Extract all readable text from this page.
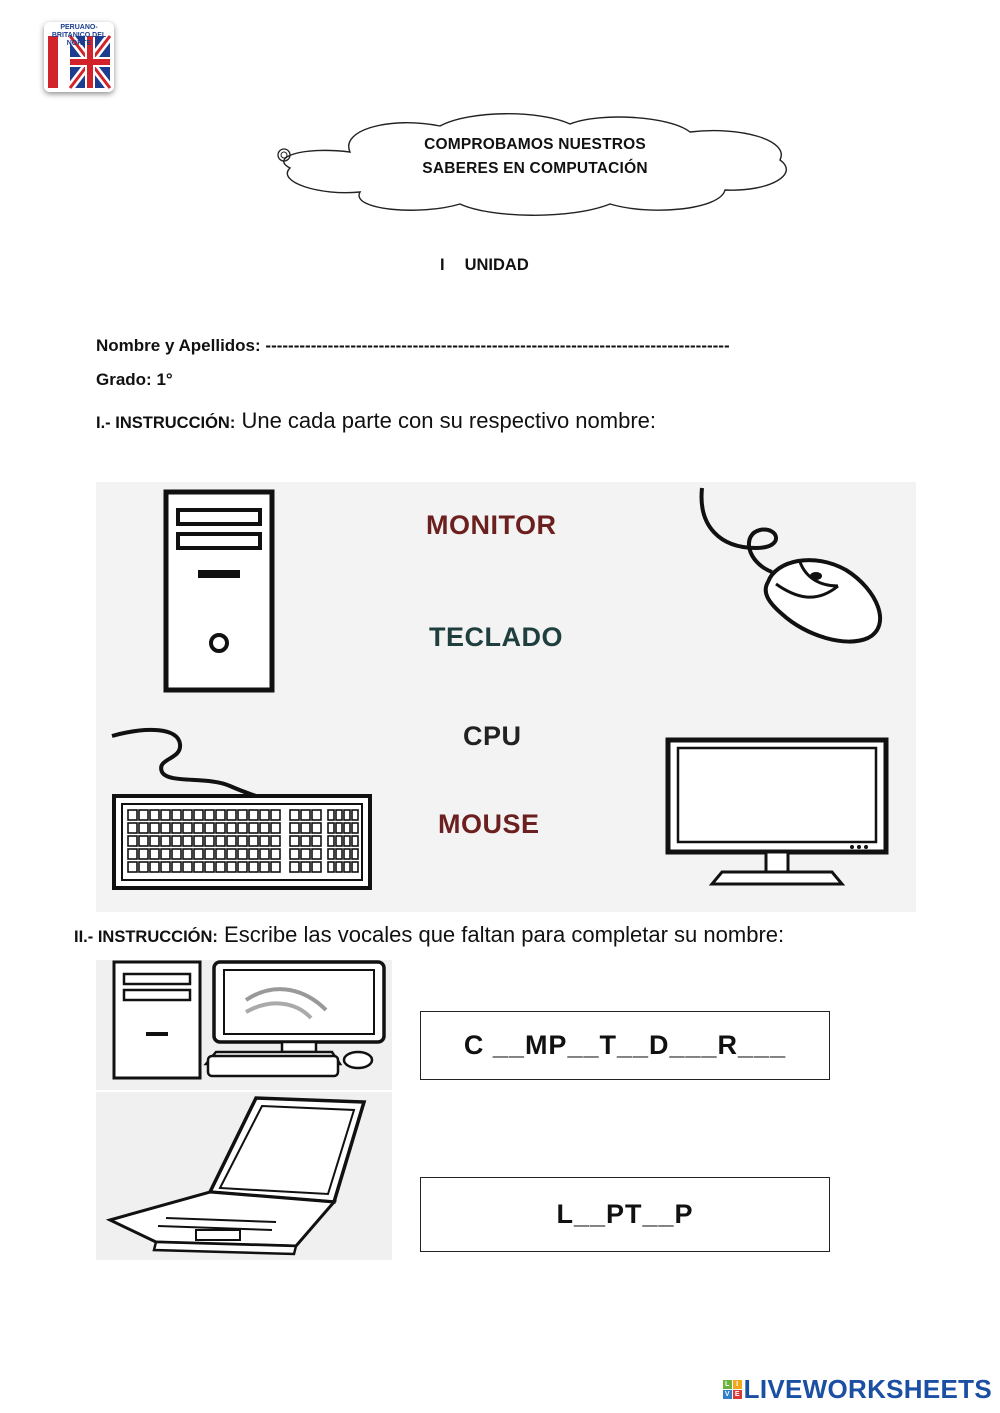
PERUANO-BRITANICO DEL NORTE
COMPROBAMOS NUESTROS
SABERES EN COMPUTACIÓN
I UNIDAD
Nombre y Apellidos: ----------------------------------------------------------------------------------
Grado: 1°
I.- INSTRUCCIÓN: Une cada parte con su respectivo nombre:
MONITOR
TECLADO
CPU
MOUSE
II.- INSTRUCCIÓN: Escribe las vocales que faltan para completar su nombre:
C __MP__T__D___R___
L__PT__P
L I
V E LIVEWORKSHEETS
